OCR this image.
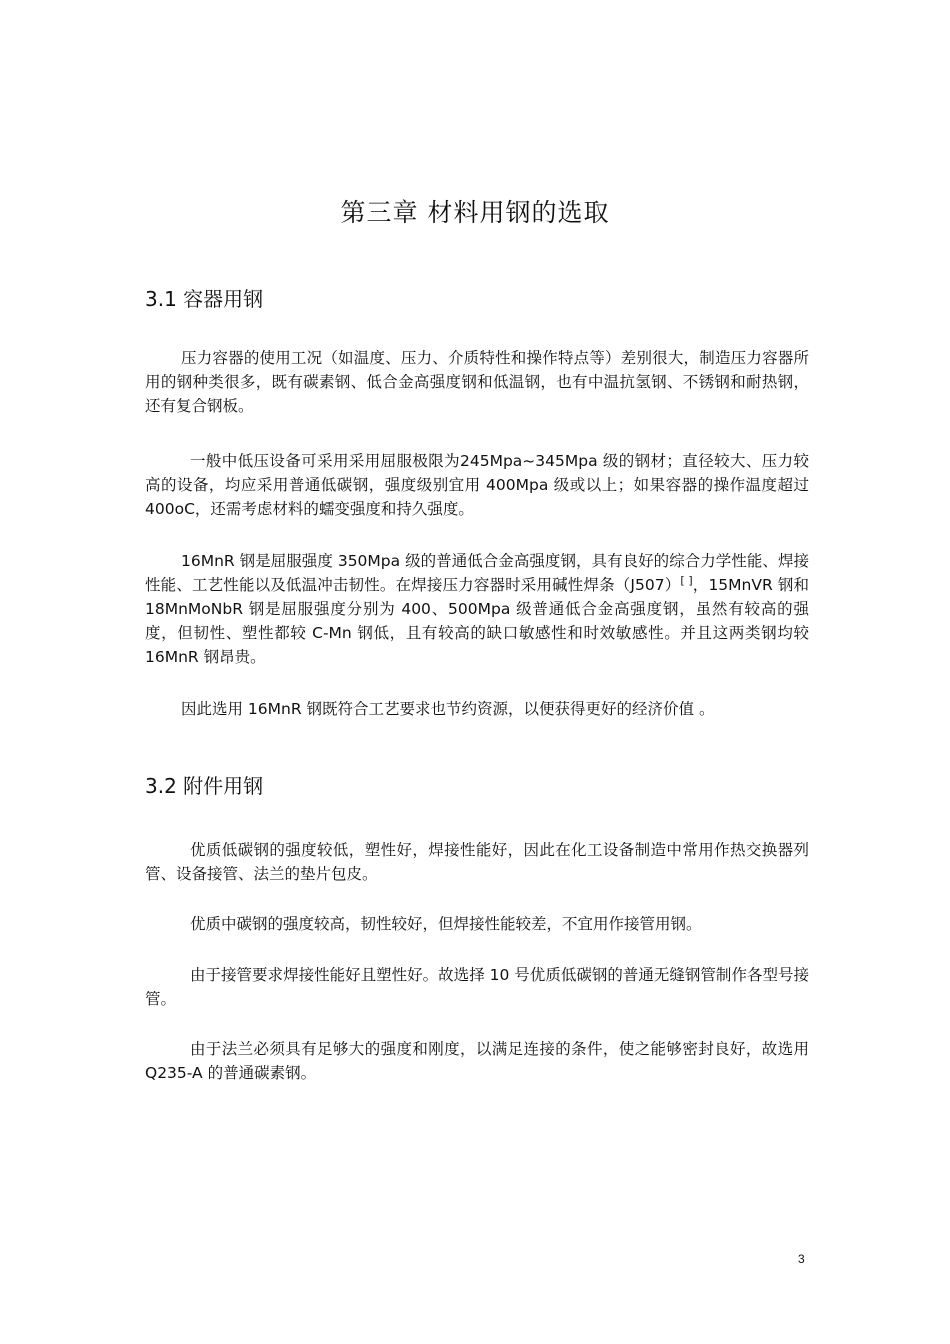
第三章 材料用钢的选取
3.1 容器用钢

压力容器的使用工况（如温度、压力、介质特性和操作特点等）差别很大，制造压力容器所用的钢种类很多，既有碳素钢、低合金高强度钢和低温钢，也有中温抗氢钢、不锈钢和耐热钢，还有复合钢板。

一般中低压设备可采用采用屈服极限为245Mpa~345Mpa 级的钢材；直径较大、压力较高的设备，均应采用普通低碳钢，强度级别宜用 400Mpa 级或以上；如果容器的操作温度超过 400oC，还需考虑材料的蠕变强度和持久强度。

16MnR 钢是屈服强度 350Mpa 级的普通低合金高强度钢，具有良好的综合力学性能、焊接性能、工艺性能以及低温冲击韧性。在焊接压力容器时采用碱性焊条（J507）[ ]，15MnVR 钢和 18MnMoNbR 钢是屈服强度分别为 400、500Mpa 级普通低合金高强度钢，虽然有较高的强度，但韧性、塑性都较 C-Mn 钢低，且有较高的缺口敏感性和时效敏感性。并且这两类钢均较 16MnR 钢昂贵。

因此选用 16MnR 钢既符合工艺要求也节约资源，以便获得更好的经济价值 。

3.2 附件用钢

优质低碳钢的强度较低，塑性好，焊接性能好，因此在化工设备制造中常用作热交换器列管、设备接管、法兰的垫片包皮。

优质中碳钢的强度较高，韧性较好，但焊接性能较差，不宜用作接管用钢。

由于接管要求焊接性能好且塑性好。故选择 10 号优质低碳钢的普通无缝钢管制作各型号接管。

由于法兰必须具有足够大的强度和刚度，以满足连接的条件，使之能够密封良好，故选用 Q235-A 的普通碳素钢。

3
